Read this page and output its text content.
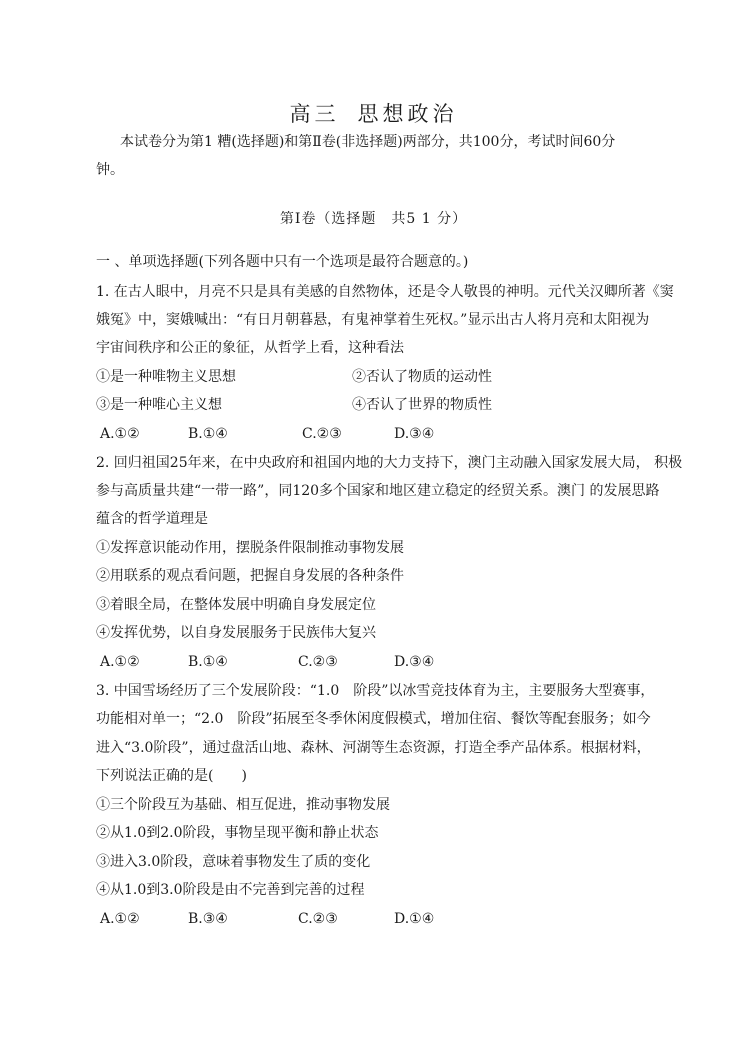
高三 思想政治
本试卷分为第1 糟(选择题)和第Ⅱ卷(非选择题)两部分，共100分，考试时间60分
钟。
第Ⅰ卷（选择题　共5 1 分）
一 、单项选择题(下列各题中只有一个选项是最符合题意的。)
1. 在古人眼中，月亮不只是具有美感的自然物体，还是令人敬畏的神明。元代关汉卿所著《窦
娥冤》中，窦娥喊出：“有日月朝暮悬，有鬼神掌着生死权。”显示出古人将月亮和太阳视为
宇宙间秩序和公正的象征，从哲学上看，这种看法
①是一种唯物主义思想	②否认了物质的运动性
③是一种唯心主义想	④否认了世界的物质性
A.①②	B.①④	C.②③	D.③④
2. 回归祖国25年来，在中央政府和祖国内地的大力支持下，澳门主动融入国家发展大局， 积极
参与高质量共建“一带一路”，同120多个国家和地区建立稳定的经贸关系。澳门 的发展思路
蕴含的哲学道理是
①发挥意识能动作用，摆脱条件限制推动事物发展
②用联系的观点看问题，把握自身发展的各种条件
③着眼全局，在整体发展中明确自身发展定位
④发挥优势，以自身发展服务于民族伟大复兴
A.①②	B.①④	C.②③	D.③④
3. 中国雪场经历了三个发展阶段：“1.0　阶段”以冰雪竞技体育为主，主要服务大型赛事，
功能相对单一；“2.0　阶段”拓展至冬季休闲度假模式，增加住宿、餐饮等配套服务；如今
进入“3.0阶段”，通过盘活山地、森林、河湖等生态资源，打造全季产品体系。根据材料，
下列说法正确的是(　　)
①三个阶段互为基础、相互促进，推动事物发展
②从1.0到2.0阶段，事物呈现平衡和静止状态
③进入3.0阶段，意味着事物发生了质的变化
④从1.0到3.0阶段是由不完善到完善的过程
A.①②	B.③④	C.②③	D.①④
